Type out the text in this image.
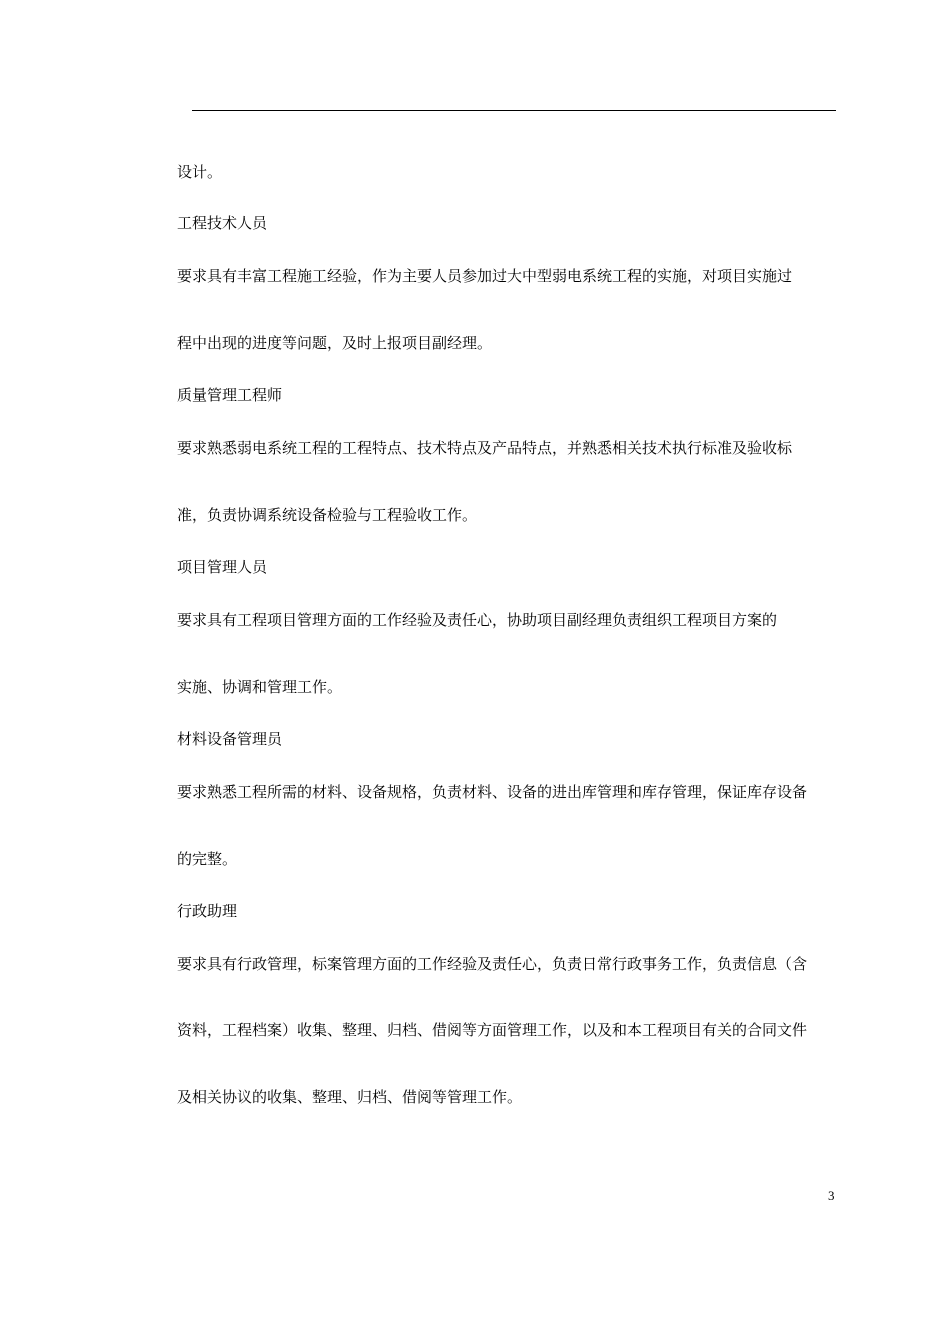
设计。
工程技术人员
要求具有丰富工程施工经验，作为主要人员参加过大中型弱电系统工程的实施，对项目实施过
程中出现的进度等问题，及时上报项目副经理。
质量管理工程师
要求熟悉弱电系统工程的工程特点、技术特点及产品特点，并熟悉相关技术执行标准及验收标
准，负责协调系统设备检验与工程验收工作。
项目管理人员
要求具有工程项目管理方面的工作经验及责任心，协助项目副经理负责组织工程项目方案的
实施、协调和管理工作。
材料设备管理员
要求熟悉工程所需的材料、设备规格，负责材料、设备的进出库管理和库存管理，保证库存设备
的完整。
行政助理
要求具有行政管理，标案管理方面的工作经验及责任心，负责日常行政事务工作，负责信息（含
资料，工程档案）收集、整理、归档、借阅等方面管理工作，以及和本工程项目有关的合同文件
及相关协议的收集、整理、归档、借阅等管理工作。
3
